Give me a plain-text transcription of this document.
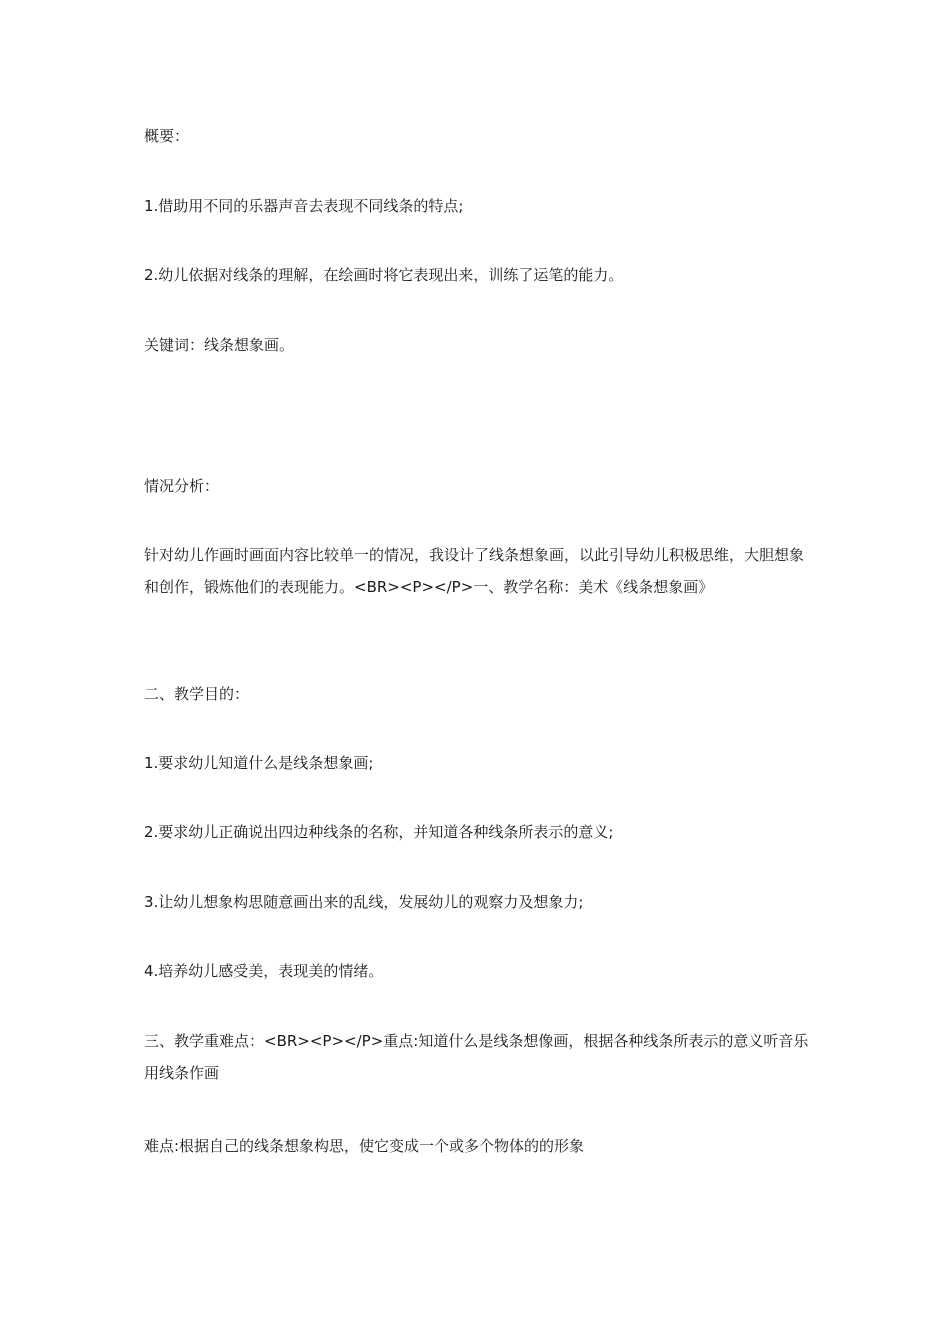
概要：
1.借助用不同的乐器声音去表现不同线条的特点;
2.幼儿依据对线条的理解，在绘画时将它表现出来，训练了运笔的能力。
关键词：线条想象画。
情况分析：
针对幼儿作画时画面内容比较单一的情况，我设计了线条想象画，以此引导幼儿积极思维，大胆想象和创作，锻炼他们的表现能力。<BR><P></P>一、教学名称：美术《线条想象画》
二、教学目的：
1.要求幼儿知道什么是线条想象画;
2.要求幼儿正确说出四边种线条的名称，并知道各种线条所表示的意义;
3.让幼儿想象构思随意画出来的乱线，发展幼儿的观察力及想象力;
4.培养幼儿感受美，表现美的情绪。
三、教学重难点：<BR><P></P>重点:知道什么是线条想像画，根据各种线条所表示的意义听音乐用线条作画
难点:根据自己的线条想象构思，使它变成一个或多个物体的的形象
